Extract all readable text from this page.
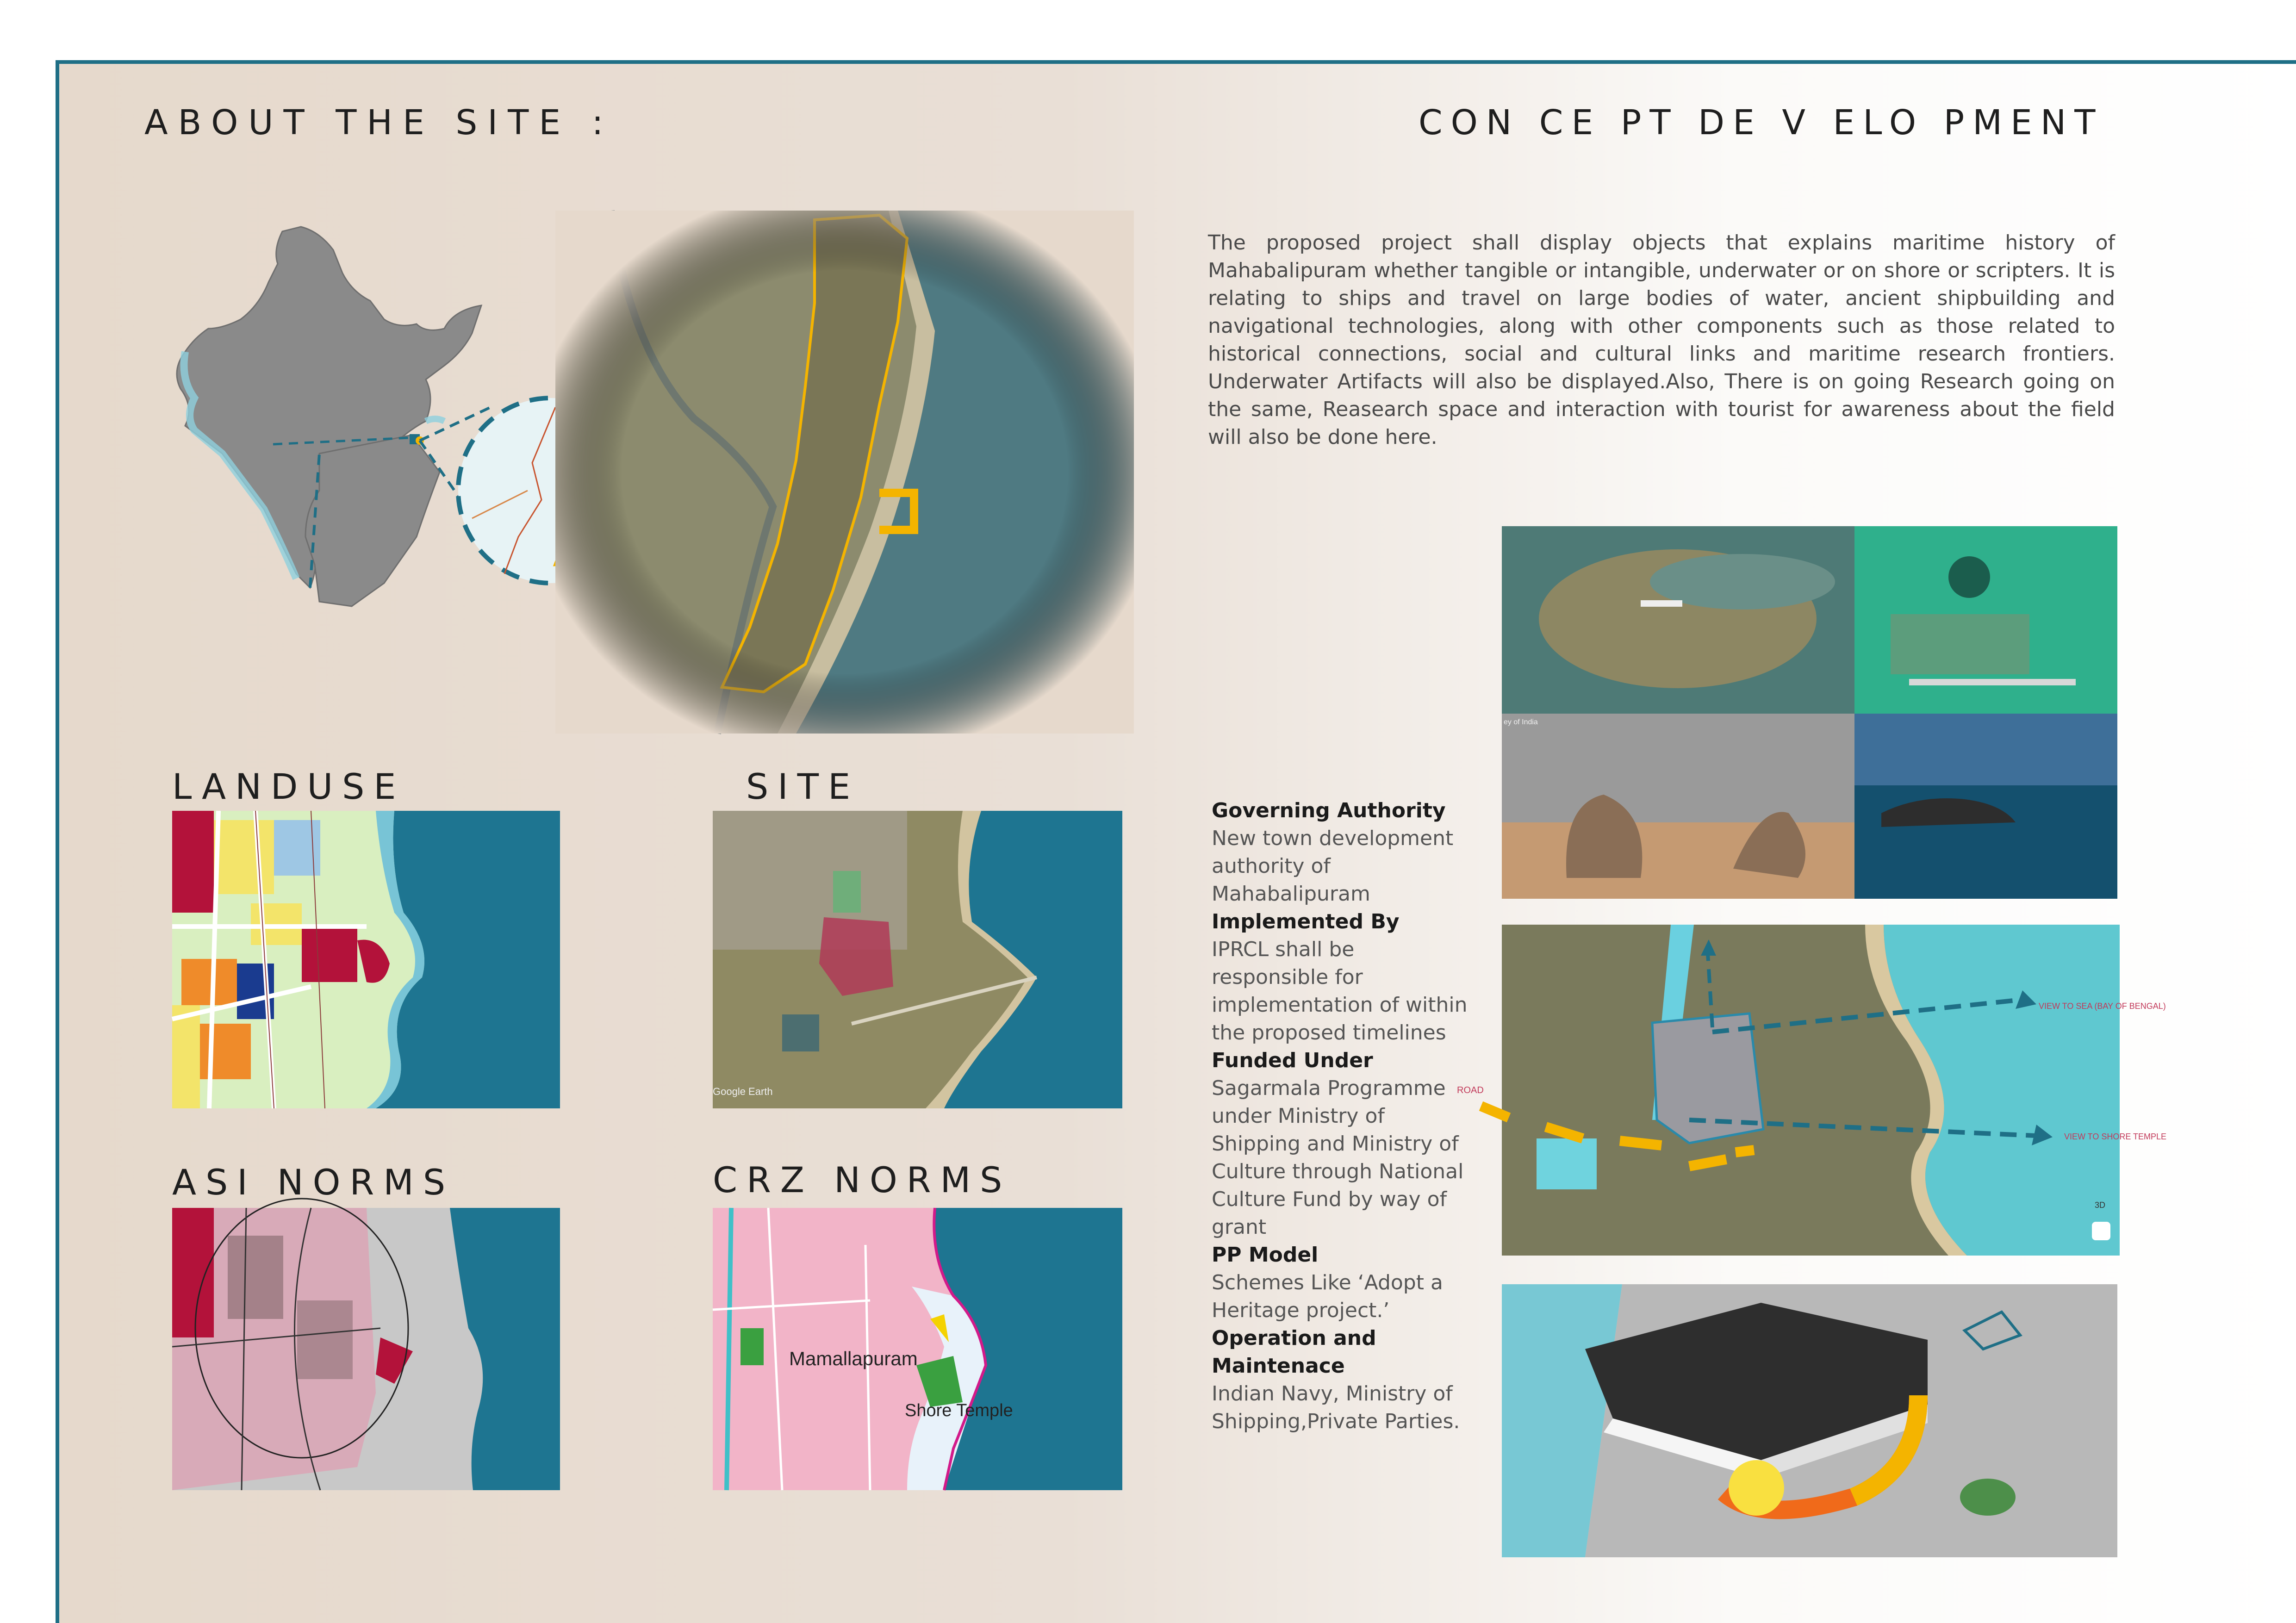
ABOUT THE SITE :	CON CE PT DE V ELO PMENT
LANDUSE	SITE
ASI NORMS	CRZ NORMS
Google Earth
Mamallapuram
Shore Temple
The proposed project shall display objects that explains maritime history of Mahabalipuram whether tangible or intangible, underwater or on shore or scripters. It is relating to ships and travel on large bodies of water, ancient shipbuilding and navigational technologies, along with other components such as those related to historical connections, social and cultural links and maritime research frontiers. Underwater Artifacts will also be displayed.Also, There is on going Research going on the same, Reasearch space and interaction with tourist for awareness about the field will also be done here.
Governing Authority
New town development authority of Mahabalipuram
Implemented By
IPRCL shall be responsible for implementation of within the proposed timelines
Funded Under
Sagarmala Programme under Ministry of Shipping and Ministry of Culture through National Culture Fund by way of grant
PP Model
Schemes Like ‘Adopt a Heritage project.’
Operation and Maintenace
Indian Navy, Ministry of Shipping,Private Parties.
ey of India
ROAD
VIEW TO SEA (BAY OF BENGAL)
VIEW TO SHORE TEMPLE
3D
